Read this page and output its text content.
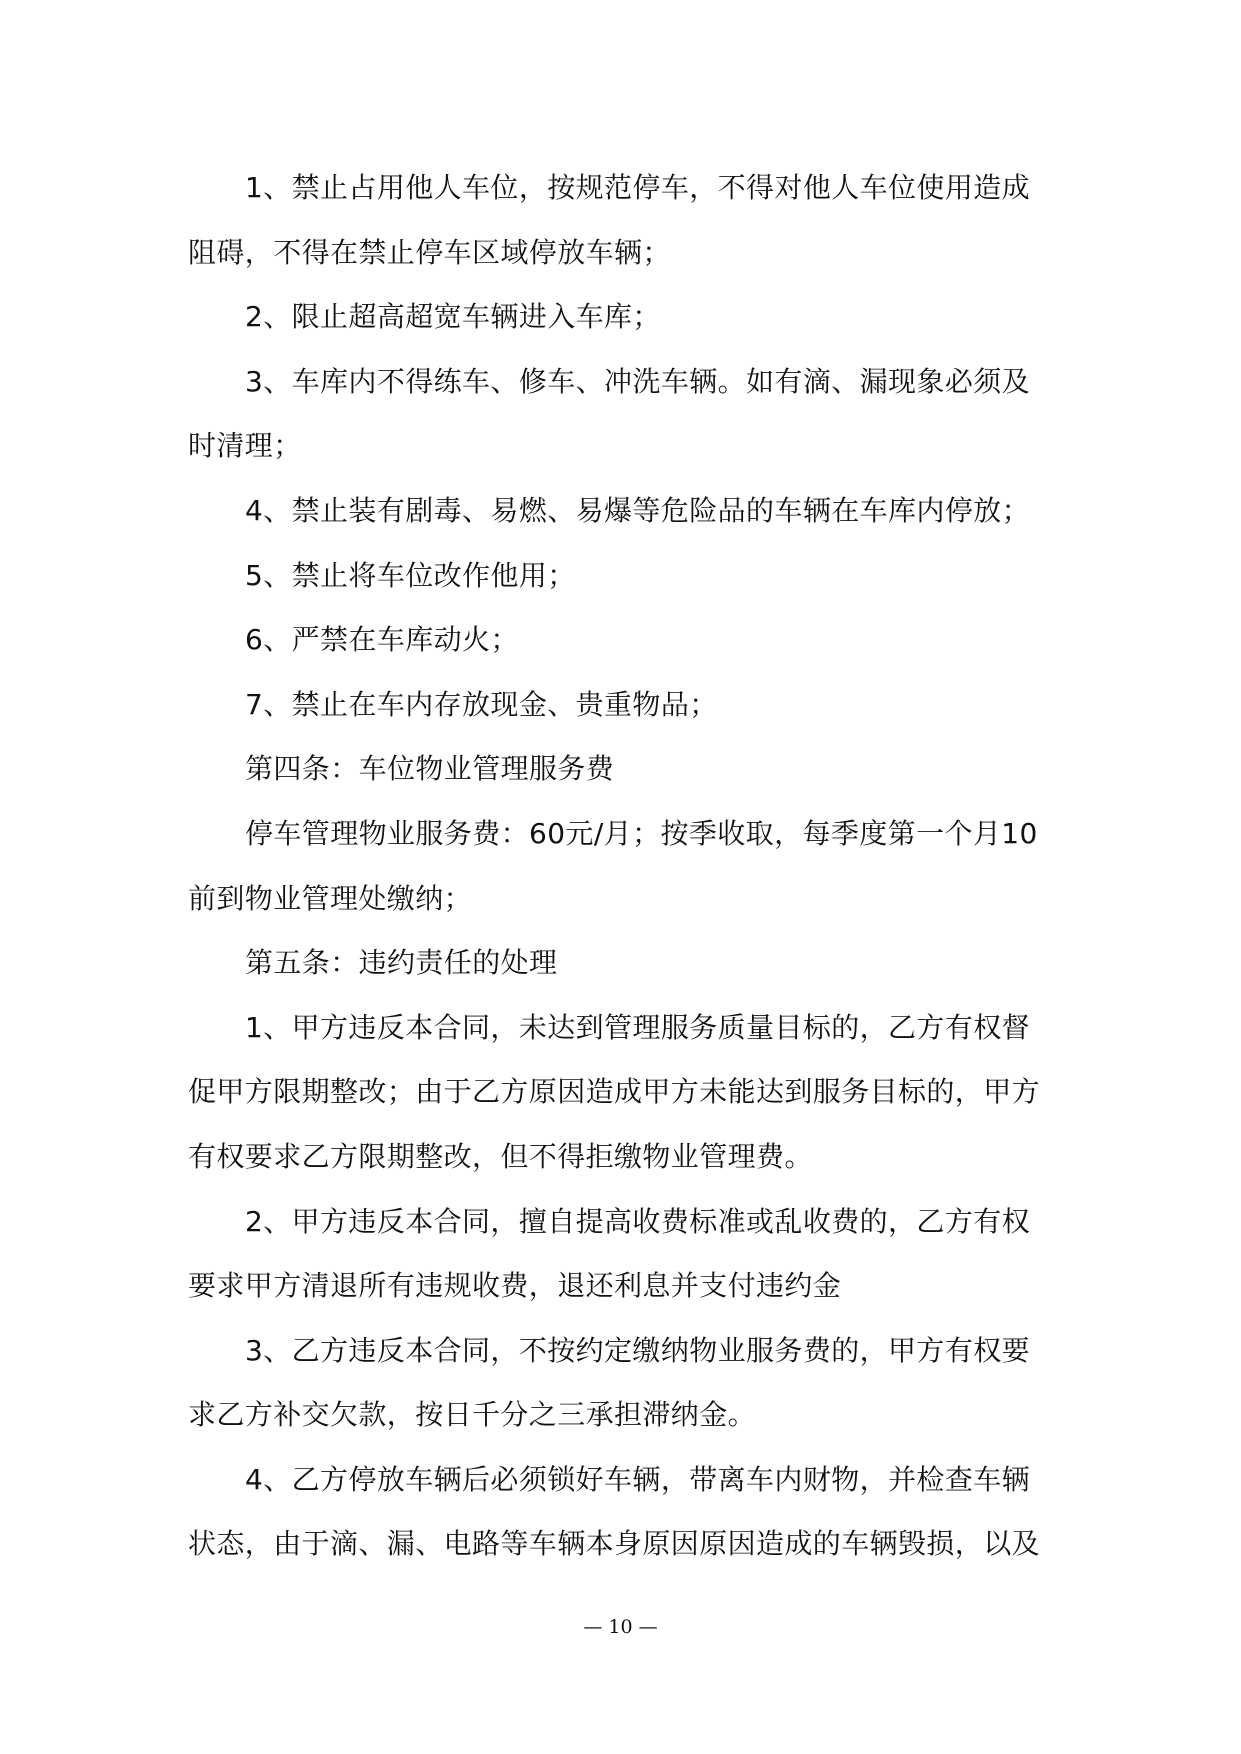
1、禁止占用他人车位，按规范停车，不得对他人车位使用造成
阻碍，不得在禁止停车区域停放车辆；
2、限止超高超宽车辆进入车库；
3、车库内不得练车、修车、冲洗车辆。如有滴、漏现象必须及
时清理；
4、禁止装有剧毒、易燃、易爆等危险品的车辆在车库内停放；
5、禁止将车位改作他用；
6、严禁在车库动火；
7、禁止在车内存放现金、贵重物品；
第四条：车位物业管理服务费
停车管理物业服务费：60元/月；按季收取，每季度第一个月10
前到物业管理处缴纳；
第五条：违约责任的处理
1、甲方违反本合同，未达到管理服务质量目标的，乙方有权督
促甲方限期整改；由于乙方原因造成甲方未能达到服务目标的，甲方
有权要求乙方限期整改，但不得拒缴物业管理费。
2、甲方违反本合同，擅自提高收费标准或乱收费的，乙方有权
要求甲方清退所有违规收费，退还利息并支付违约金
3、乙方违反本合同，不按约定缴纳物业服务费的，甲方有权要
求乙方补交欠款，按日千分之三承担滞纳金。
4、乙方停放车辆后必须锁好车辆，带离车内财物，并检查车辆
状态，由于滴、漏、电路等车辆本身原因原因造成的车辆毁损，以及
— 10 —
